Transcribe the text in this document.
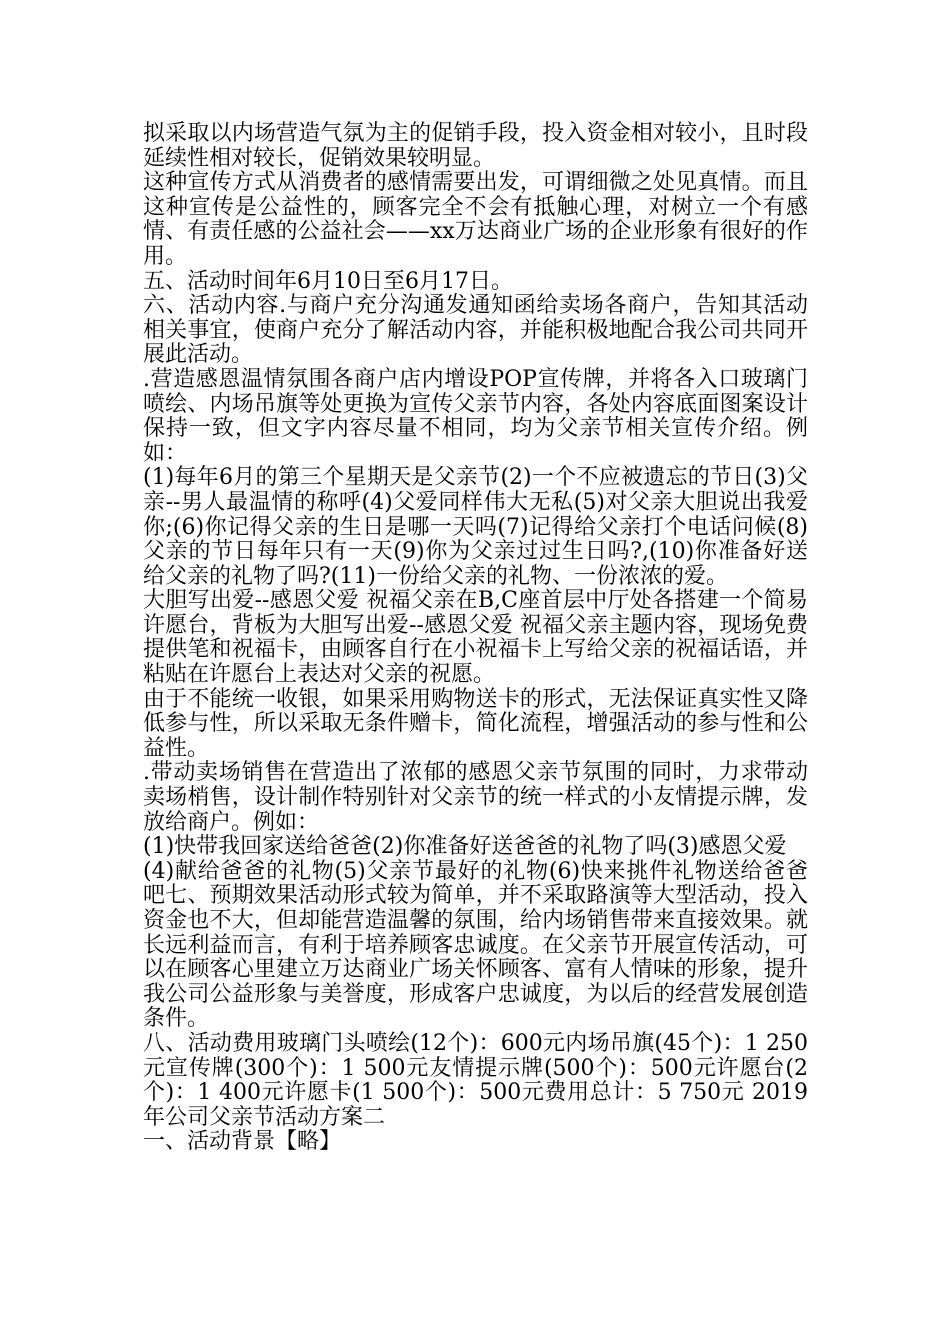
拟采取以内场营造气氛为主的促销手段，投入资金相对较小，且时段延续性相对较长，促销效果较明显。

这种宣传方式从消费者的感情需要出发，可谓细微之处见真情。而且这种宣传是公益性的，顾客完全不会有抵触心理，对树立一个有感情、有责任感的公益社会——xx万达商业广场的企业形象有很好的作用。

五、活动时间年6月10日至6月17日。

六、活动内容.与商户充分沟通发通知函给卖场各商户，告知其活动相关事宜，使商户充分了解活动内容，并能积极地配合我公司共同开展此活动。

.营造感恩温情氛围各商户店内增设POP宣传牌，并将各入口玻璃门喷绘、内场吊旗等处更换为宣传父亲节内容，各处内容底面图案设计保持一致，但文字内容尽量不相同，均为父亲节相关宣传介绍。例如：

(1)每年6月的第三个星期天是父亲节(2)一个不应被遗忘的节日(3)父亲--男人最温情的称呼(4)父爱同样伟大无私(5)对父亲大胆说出我爱你;(6)你记得父亲的生日是哪一天吗(7)记得给父亲打个电话问候(8)父亲的节日每年只有一天(9)你为父亲过过生日吗?,(10)你准备好送给父亲的礼物了吗?(11)一份给父亲的礼物、一份浓浓的爱。

大胆写出爱--感恩父爱 祝福父亲在B,C座首层中厅处各搭建一个简易许愿台，背板为大胆写出爱--感恩父爱 祝福父亲主题内容，现场免费提供笔和祝福卡，由顾客自行在小祝福卡上写给父亲的祝福话语，并粘贴在许愿台上表达对父亲的祝愿。

由于不能统一收银，如果采用购物送卡的形式，无法保证真实性又降低参与性，所以采取无条件赠卡，简化流程，增强活动的参与性和公益性。

.带动卖场销售在营造出了浓郁的感恩父亲节氛围的同时，力求带动卖场梢售，设计制作特别针对父亲节的统一样式的小友情提示牌，发放给商户。例如：

(1)快带我回家送给爸爸(2)你准备好送爸爸的礼物了吗(3)感恩父爱

(4)献给爸爸的礼物(5)父亲节最好的礼物(6)快来挑件礼物送给爸爸吧七、预期效果活动形式较为简单，并不采取路演等大型活动，投入资金也不大，但却能营造温馨的氛围，给内场销售带来直接效果。就长远利益而言，有利于培养顾客忠诚度。在父亲节开展宣传活动，可以在顾客心里建立万达商业广场关怀顾客、富有人情味的形象，提升我公司公益形象与美誉度，形成客户忠诚度，为以后的经营发展创造条件。

八、活动费用玻璃门头喷绘(12个)：600元内场吊旗(45个)：1 250元宣传牌(300个)：1 500元友情提示牌(500个)：500元许愿台(2个)：1 400元许愿卡(1 500个)：500元费用总计：5 750元 2019年公司父亲节活动方案二

一、活动背景【略】
